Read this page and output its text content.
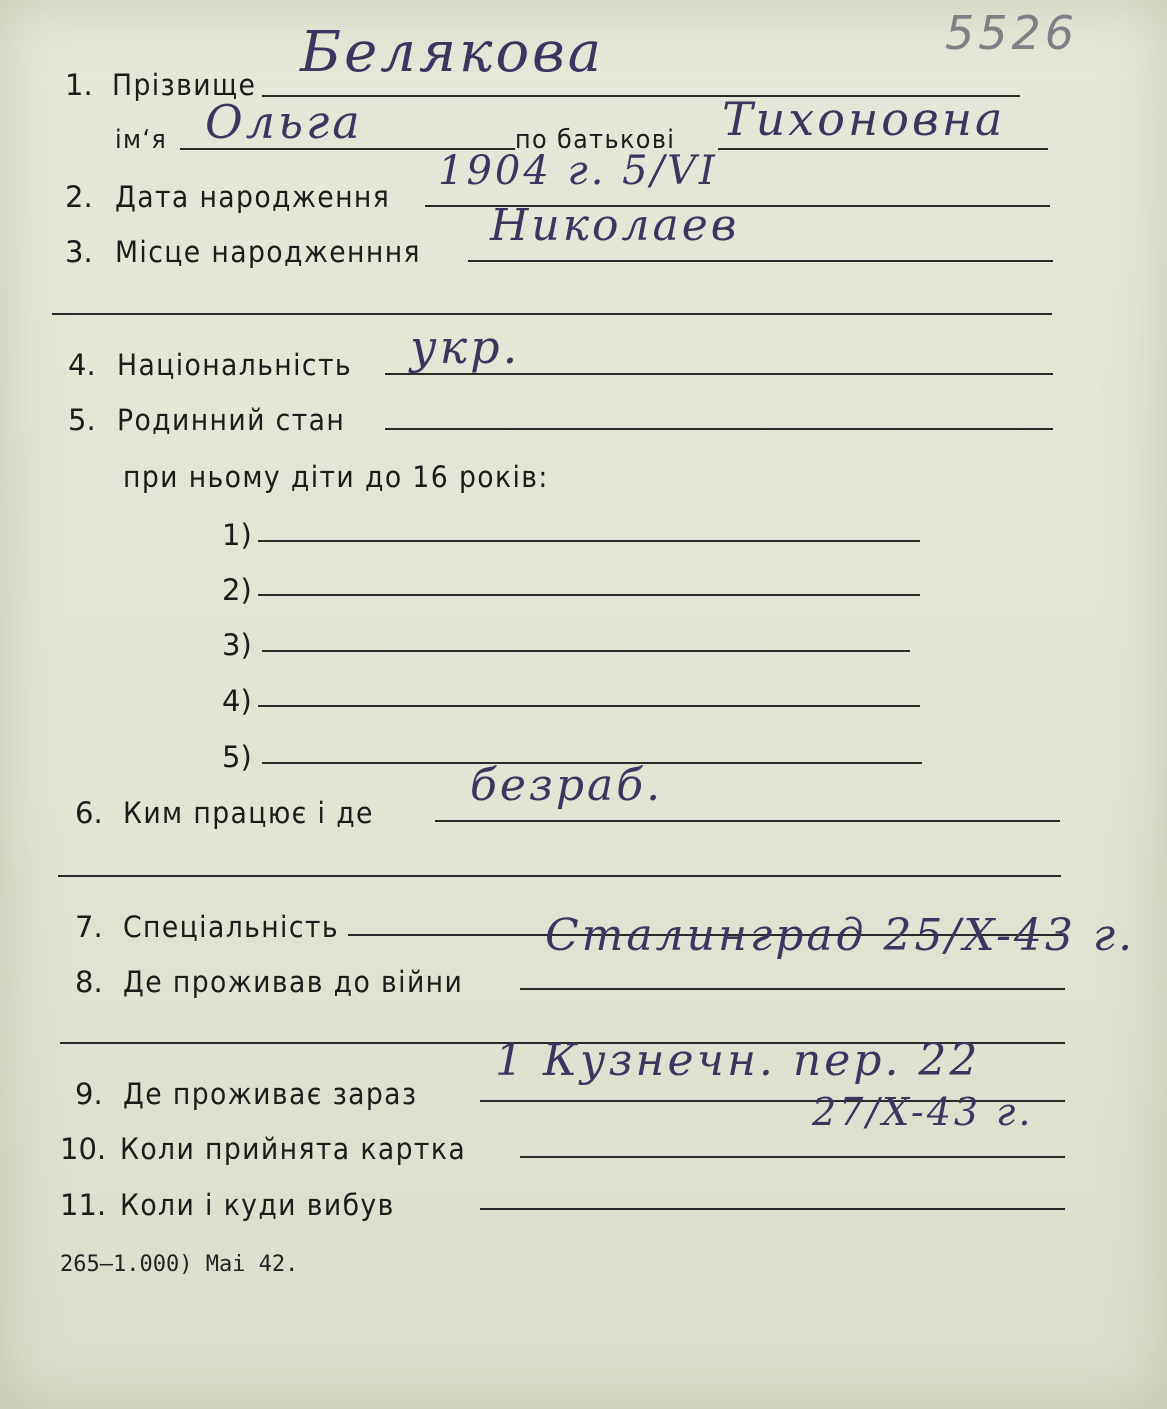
5526
1. Прізвище Белякова
ім‘я Ольга	по батькові Тихоновна
2. Дата народження
1904 г. 5/VI
3. Місце народженння
Николаев
4. Національність укр.
5. Родинний стан
при ньому діти до 16 років:
1)
2)
3)
4)
5)
6. Ким працює і де
безраб.
7. Спеціальність
8. Де проживав до війни
Сталинград 25/X-43 г.
9. Де проживає зараз
1 Кузнечн. пер. 22
10. Коли прийнята картка
27/X-43 г.
11. Коли і куди вибув
265—1.000) Mai 42.
